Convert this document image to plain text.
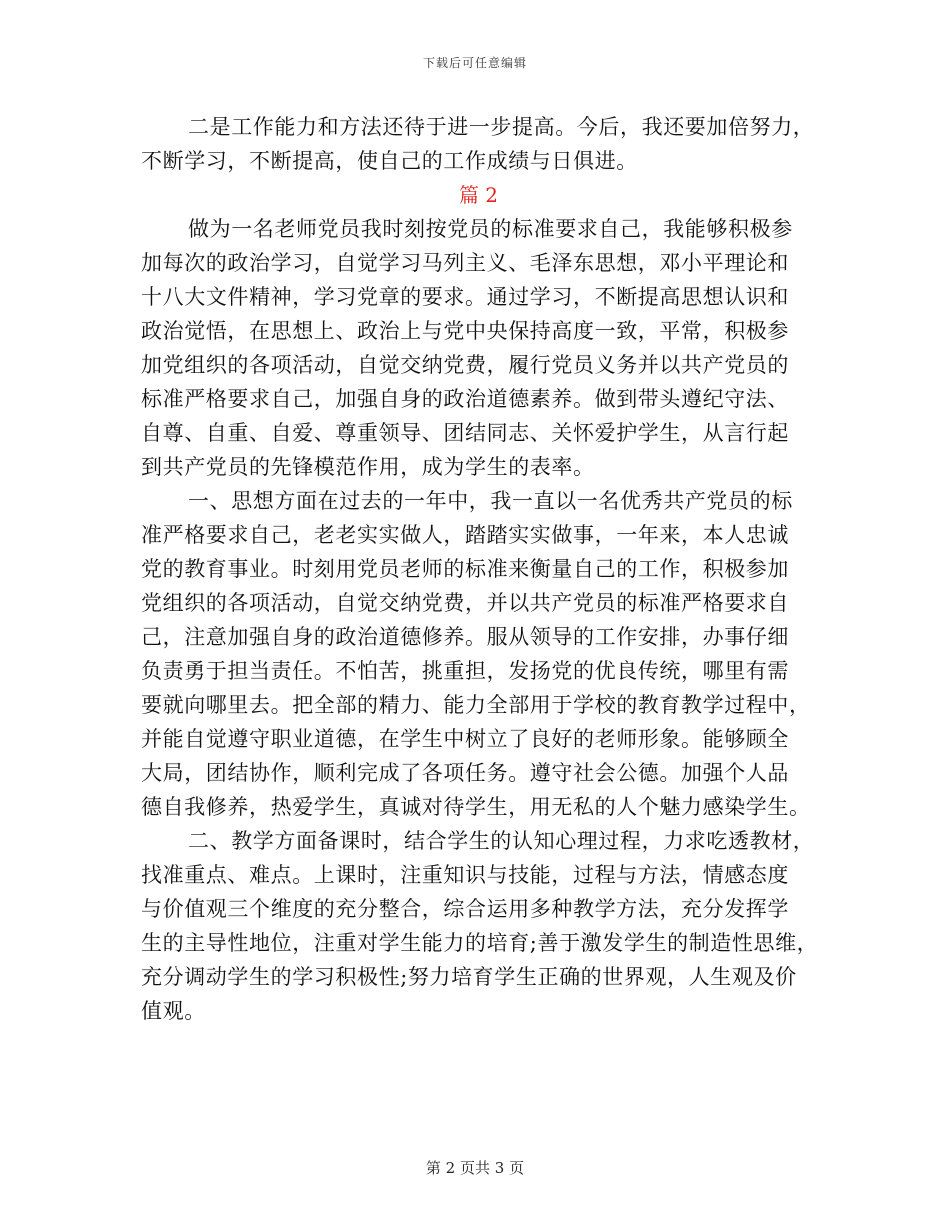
下载后可任意编辑
二是工作能力和方法还待于进一步提高。今后，我还要加倍努力，
不断学习，不断提高，使自己的工作成绩与日俱进。
篇 2
做为一名老师党员我时刻按党员的标准要求自己，我能够积极参
加每次的政治学习，自觉学习马列主义、毛泽东思想，邓小平理论和
十八大文件精神，学习党章的要求。通过学习，不断提高思想认识和
政治觉悟，在思想上、政治上与党中央保持高度一致，平常，积极参
加党组织的各项活动，自觉交纳党费，履行党员义务并以共产党员的
标准严格要求自己，加强自身的政治道德素养。做到带头遵纪守法、
自尊、自重、自爱、尊重领导、团结同志、关怀爱护学生，从言行起
到共产党员的先锋模范作用，成为学生的表率。
一、思想方面在过去的一年中，我一直以一名优秀共产党员的标
准严格要求自己，老老实实做人，踏踏实实做事，一年来，本人忠诚
党的教育事业。时刻用党员老师的标准来衡量自己的工作，积极参加
党组织的各项活动，自觉交纳党费，并以共产党员的标准严格要求自
己，注意加强自身的政治道德修养。服从领导的工作安排，办事仔细
负责勇于担当责任。不怕苦，挑重担，发扬党的优良传统，哪里有需
要就向哪里去。把全部的精力、能力全部用于学校的教育教学过程中，
并能自觉遵守职业道德，在学生中树立了良好的老师形象。能够顾全
大局，团结协作，顺利完成了各项任务。遵守社会公德。加强个人品
德自我修养，热爱学生，真诚对待学生，用无私的人个魅力感染学生。
二、教学方面备课时，结合学生的认知心理过程，力求吃透教材，
找准重点、难点。上课时，注重知识与技能，过程与方法，情感态度
与价值观三个维度的充分整合，综合运用多种教学方法，充分发挥学
生的主导性地位，注重对学生能力的培育;善于激发学生的制造性思维，
充分调动学生的学习积极性;努力培育学生正确的世界观，人生观及价
值观。
第 2 页共 3 页
